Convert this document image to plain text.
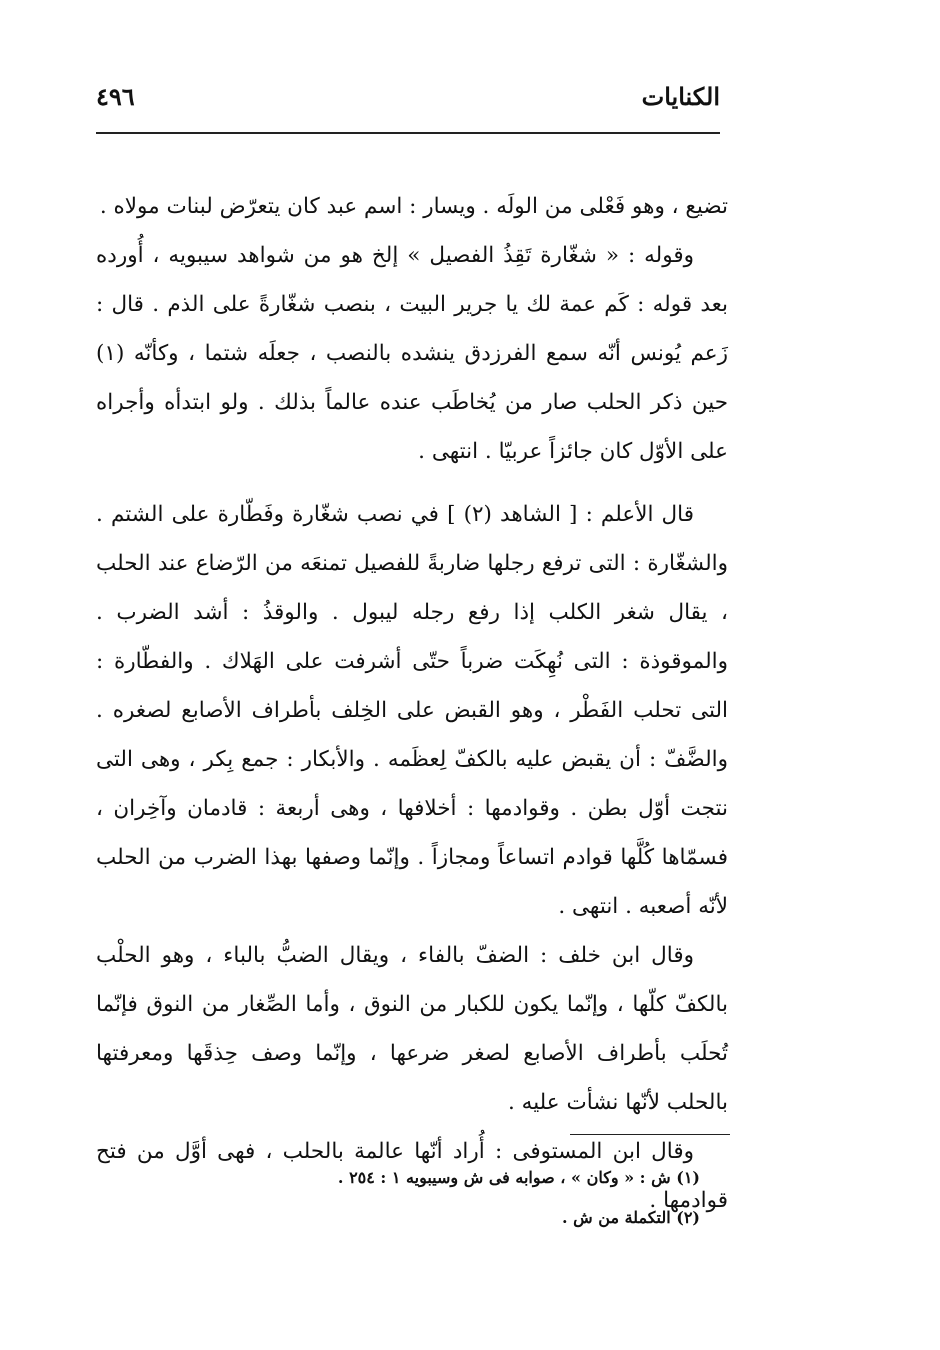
٤٩٦	الكنايات

تضيع ، وهو فَعْلى من الولَه . ويسار : اسم عبد كان يتعرّض لبنات مولاه .

وقوله : « شغّارة تَقِذُ الفصيل » إلخ هو من شواهد سيبويه ، أُورده بعد قوله : كَم عمة لك يا جرير البيت ، بنصب شغّارةً على الذم . قال : زَعم يُونس أنّه سمع الفرزدق ينشده بالنصب ، جعلَه شتما ، وكأنّه (١) حين ذكر الحلب صار من يُخاطَب عنده عالماً بذلك . ولو ابتدأه وأجراه على الأوّل كان جائزاً عربيّا . انتهى .

قال الأعلم : [ الشاهد (٢) ] في نصب شغّارة وفَطّارة على الشتم . والشغّارة : التى ترفع رجلها ضاربةً للفصيل تمنعَه من الرّضاع عند الحلب ، يقال شغر الكلب إذا رفع رجله ليبول . والوقذُ : أشد الضرب . والموقوذة : التى نُهِكَت ضرباً حتّى أشرفت على الهَلاك . والفطّارة : التى تحلب الفَطْر ، وهو القبض على الخِلف بأطراف الأصابع لصغره . والضَّفّ : أن يقبض عليه بالكفّ لِعظَمه . والأبكار : جمع بِكر ، وهى التى نتجت أوّل بطن . وقوادمها : أخلافها ، وهى أربعة : قادمان وآخِران ، فسمّاها كُلَّها قوادم اتساعاً ومجازاً . وإنّما وصفها بهذا الضرب من الحلب لأنّه أصعبه . انتهى .

وقال ابن خلف : الضفّ بالفاء ، ويقال الضبُّ بالباء ، وهو الحلْب بالكفّ كلّها ، وإنّما يكون للكبار من النوق ، وأما الصِّغار من النوق فإنّما تُحلَب بأطراف الأصابع لصغر ضرعها ، وإنّما وصف حِذقَها ومعرفتها بالحلب لأنّها نشأت عليه .

وقال ابن المستوفى : أُراد أنّها عالمة بالحلب ، فهى أوَّل من فتح قوادمها .

(١) ش : « وكان » ، صوابه فى ش وسيبويه ١ : ٢٥٤ .

(٢) التكملة من ش .
